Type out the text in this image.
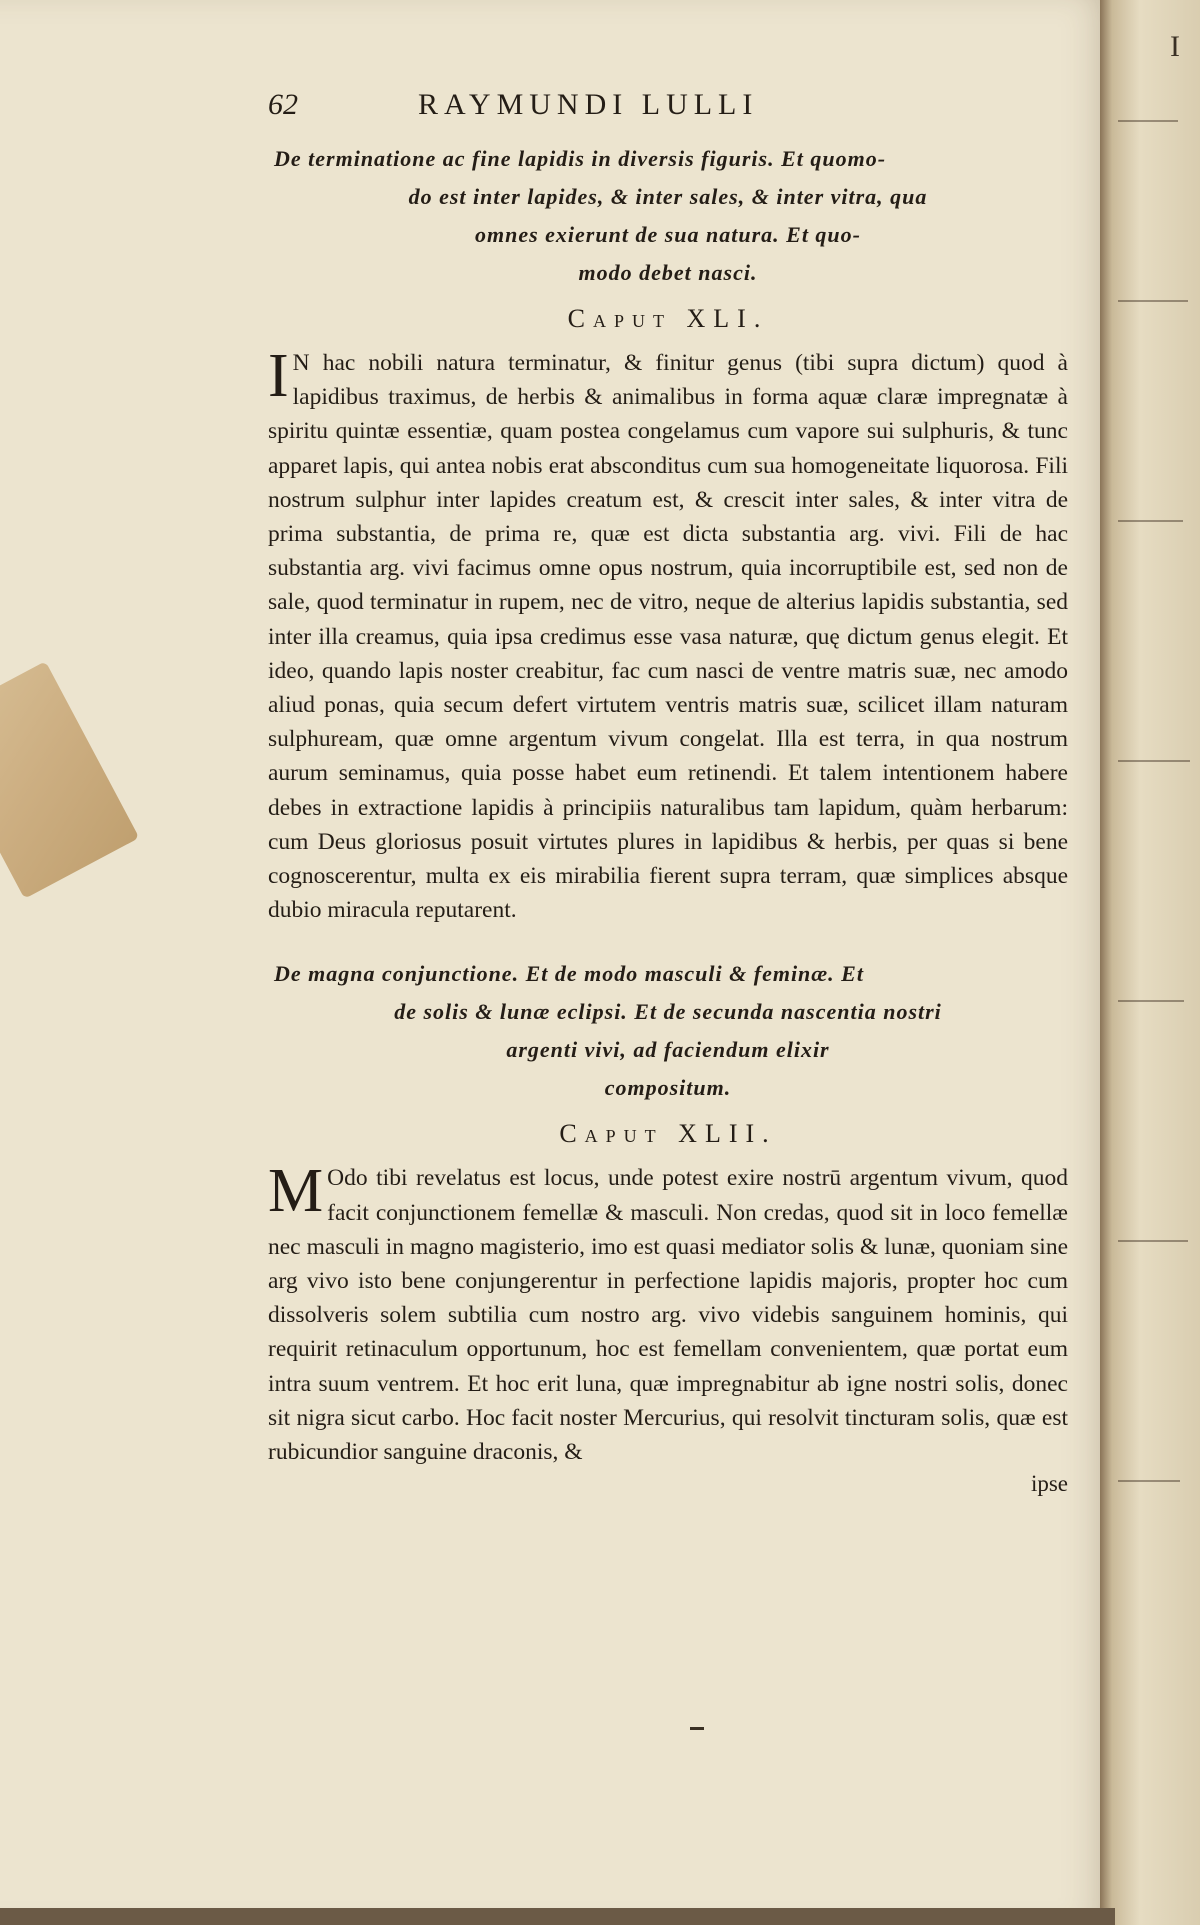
I
62	RAYMUNDI LULLI
De terminatione ac fine lapidis in diversis figuris. Et quomo-
do est inter lapides, & inter sales, & inter vitra, qua
omnes exierunt de sua natura. Et quo-
modo debet nasci.
Caput XLI.

I N hac nobili natura terminatur, & finitur genus (tibi supra dictum) quod à lapidibus traximus, de herbis & animalibus in forma aquæ claræ impregnatæ à spiritu quintæ essentiæ, quam postea congelamus cum vapore sui sulphuris, & tunc apparet lapis, qui antea nobis erat absconditus cum sua homogeneitate liquorosa. Fili nostrum sulphur inter lapides creatum est, & crescit inter sales, & inter vitra de prima substantia, de prima re, quæ est dicta substantia arg. vivi. Fili de hac substantia arg. vivi facimus omne opus nostrum, quia incorruptibile est, sed non de sale, quod terminatur in rupem, nec de vitro, neque de alterius lapidis substantia, sed inter illa creamus, quia ipsa credimus esse vasa naturæ, quę dictum genus elegit. Et ideo, quando lapis noster creabitur, fac cum nasci de ventre matris suæ, nec amodo aliud ponas, quia secum defert virtutem ventris matris suæ, scilicet illam naturam sulphuream, quæ omne argentum vivum congelat. Illa est terra, in qua nostrum aurum seminamus, quia posse habet eum retinendi. Et talem intentionem habere debes in extractione lapidis à principiis naturalibus tam lapidum, quàm herbarum: cum Deus gloriosus posuit virtutes plures in lapidibus & herbis, per quas si bene cognoscerentur, multa ex eis mirabilia fierent supra terram, quæ simplices absque dubio miracula reputarent.

De magna conjunctione. Et de modo masculi & feminæ. Et
de solis & lunæ eclipsi. Et de secunda nascentia nostri
argenti vivi, ad faciendum elixir
compositum.
Caput XLII.

M Odo tibi revelatus est locus, unde potest exire nostrū argentum vivum, quod facit conjunctionem femellæ & masculi. Non credas, quod sit in loco femellæ nec masculi in magno magisterio, imo est quasi mediator solis & lunæ, quoniam sine arg vivo isto bene conjungerentur in perfectione lapidis majoris, propter hoc cum dissolveris solem subtilia cum nostro arg. vivo videbis sanguinem hominis, qui requirit retinaculum opportunum, hoc est femellam convenientem, quæ portat eum intra suum ventrem. Et hoc erit luna, quæ impregnabitur ab igne nostri solis, donec sit nigra sicut carbo. Hoc facit noster Mercurius, qui resolvit tincturam solis, quæ est rubicundior sanguine draconis, &

ipse
